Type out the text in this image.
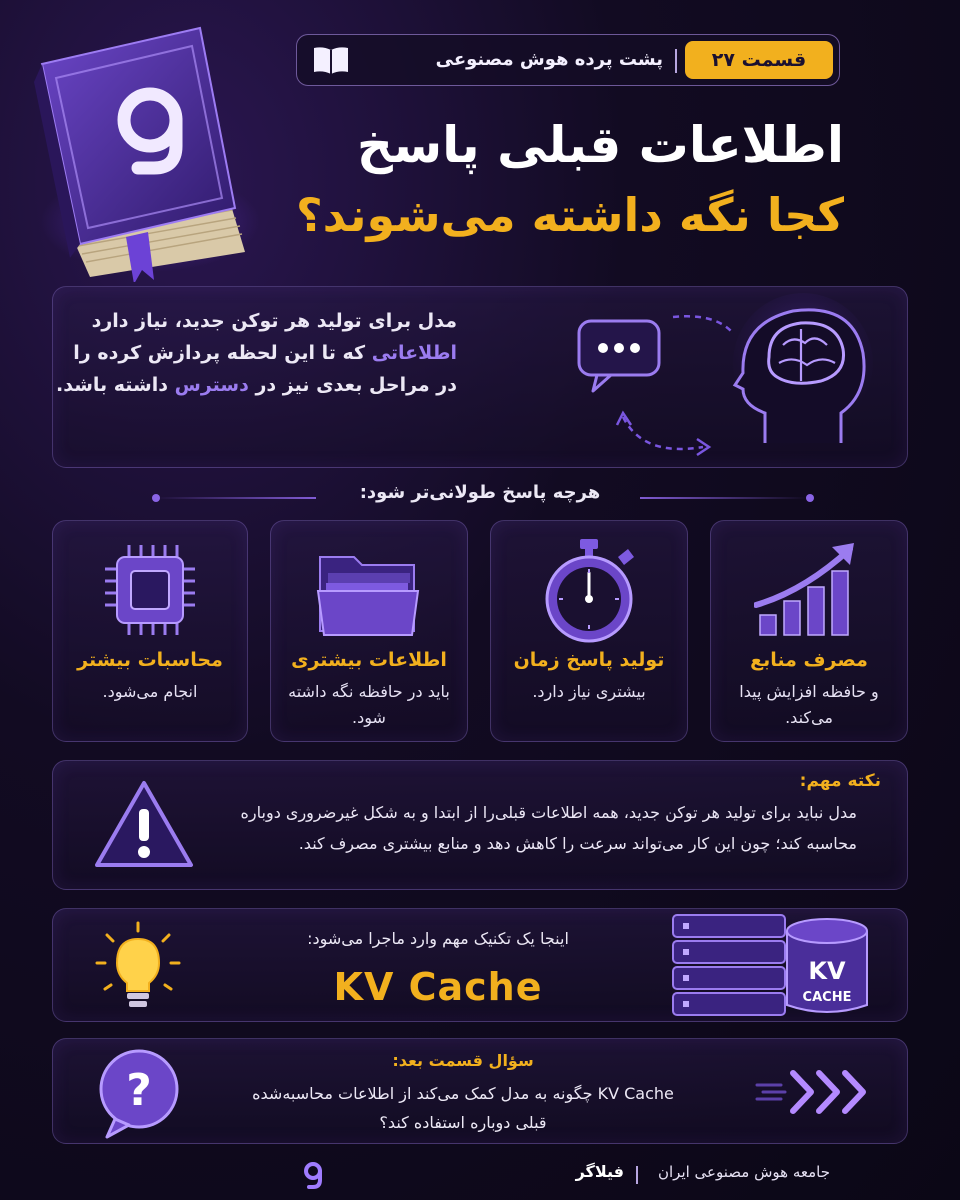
قسمت ۲۷
پشت پرده هوش مصنوعی
اطلاعات قبلی پاسخ
کجا نگه داشته می‌شوند؟
مدل برای تولید هر توکن جدید، نیاز دارد
اطلاعاتی که تا این لحظه پردازش کرده را
در مراحل بعدی نیز در دسترس داشته باشد.
هرچه پاسخ طولانی‌تر شود:
مصرف منابع
و حافظه افزایش پیدا می‌کند.
تولید پاسخ زمان
بیشتری نیاز دارد.
اطلاعات بیشتری
باید در حافظه نگه داشته شود.
محاسبات بیشتر
انجام می‌شود.
نکته مهم:
مدل نباید برای تولید هر توکن جدید، همه اطلاعات قبلی‌را از ابتدا و به شکل غیرضروری دوباره محاسبه کند؛ چون این کار می‌تواند سرعت را کاهش دهد و منابع بیشتری مصرف کند.
اینجا یک تکنیک مهم وارد ماجرا می‌شود:
KV Cache	KV
CACHE
?
سؤال قسمت بعد:
KV Cache چگونه به مدل کمک می‌کند از اطلاعات محاسبه‌شده قبلی دوباره استفاده کند؟
فیلاگر جامعه هوش مصنوعی ایران
